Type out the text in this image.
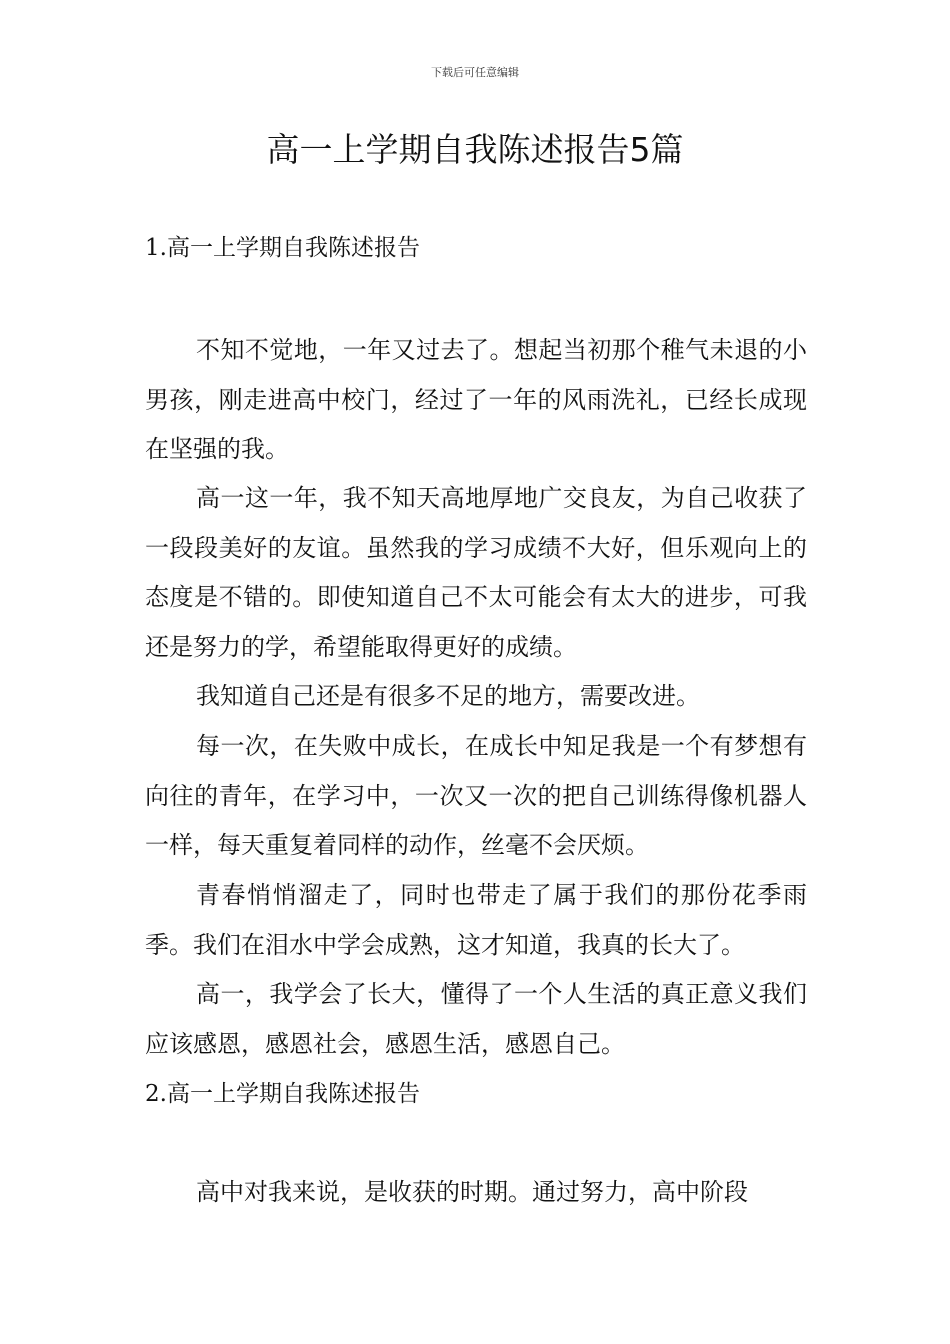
下载后可任意编辑
高一上学期自我陈述报告5篇
1.高一上学期自我陈述报告

不知不觉地，一年又过去了。想起当初那个稚气未退的小男孩，刚走进高中校门，经过了一年的风雨洗礼，已经长成现在坚强的我。

高一这一年，我不知天高地厚地广交良友，为自己收获了一段段美好的友谊。虽然我的学习成绩不大好，但乐观向上的态度是不错的。即使知道自己不太可能会有太大的进步，可我还是努力的学，希望能取得更好的成绩。

我知道自己还是有很多不足的地方，需要改进。

每一次，在失败中成长，在成长中知足我是一个有梦想有向往的青年，在学习中，一次又一次的把自己训练得像机器人一样，每天重复着同样的动作，丝毫不会厌烦。

青春悄悄溜走了，同时也带走了属于我们的那份花季雨季。我们在泪水中学会成熟，这才知道，我真的长大了。

高一，我学会了长大，懂得了一个人生活的真正意义我们应该感恩，感恩社会，感恩生活，感恩自己。

2.高一上学期自我陈述报告

高中对我来说，是收获的时期。通过努力，高中阶段
